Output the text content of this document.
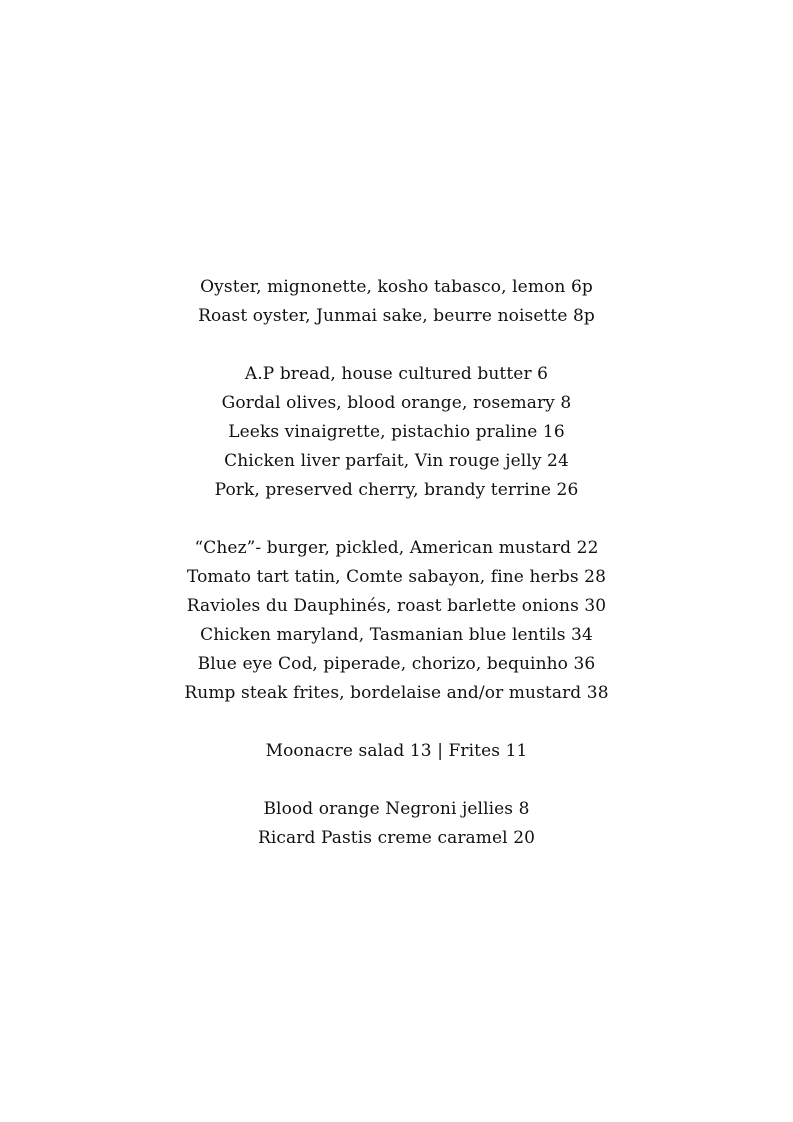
Oyster, mignonette, kosho tabasco, lemon 6p
Roast oyster, Junmai sake, beurre noisette 8p
A.P bread, house cultured butter 6
Gordal olives, blood orange, rosemary 8
Leeks vinaigrette, pistachio praline 16
Chicken liver parfait, Vin rouge jelly 24
Pork, preserved cherry, brandy terrine 26
“Chez”- burger, pickled, American mustard 22
Tomato tart tatin, Comte sabayon, fine herbs 28
Ravioles du Dauphinés, roast barlette onions 30
Chicken maryland, Tasmanian blue lentils 34
Blue eye Cod, piperade, chorizo, bequinho 36
Rump steak frites, bordelaise and/or mustard 38
Moonacre salad 13 | Frites 11
Blood orange Negroni jellies 8
Ricard Pastis creme caramel 20
